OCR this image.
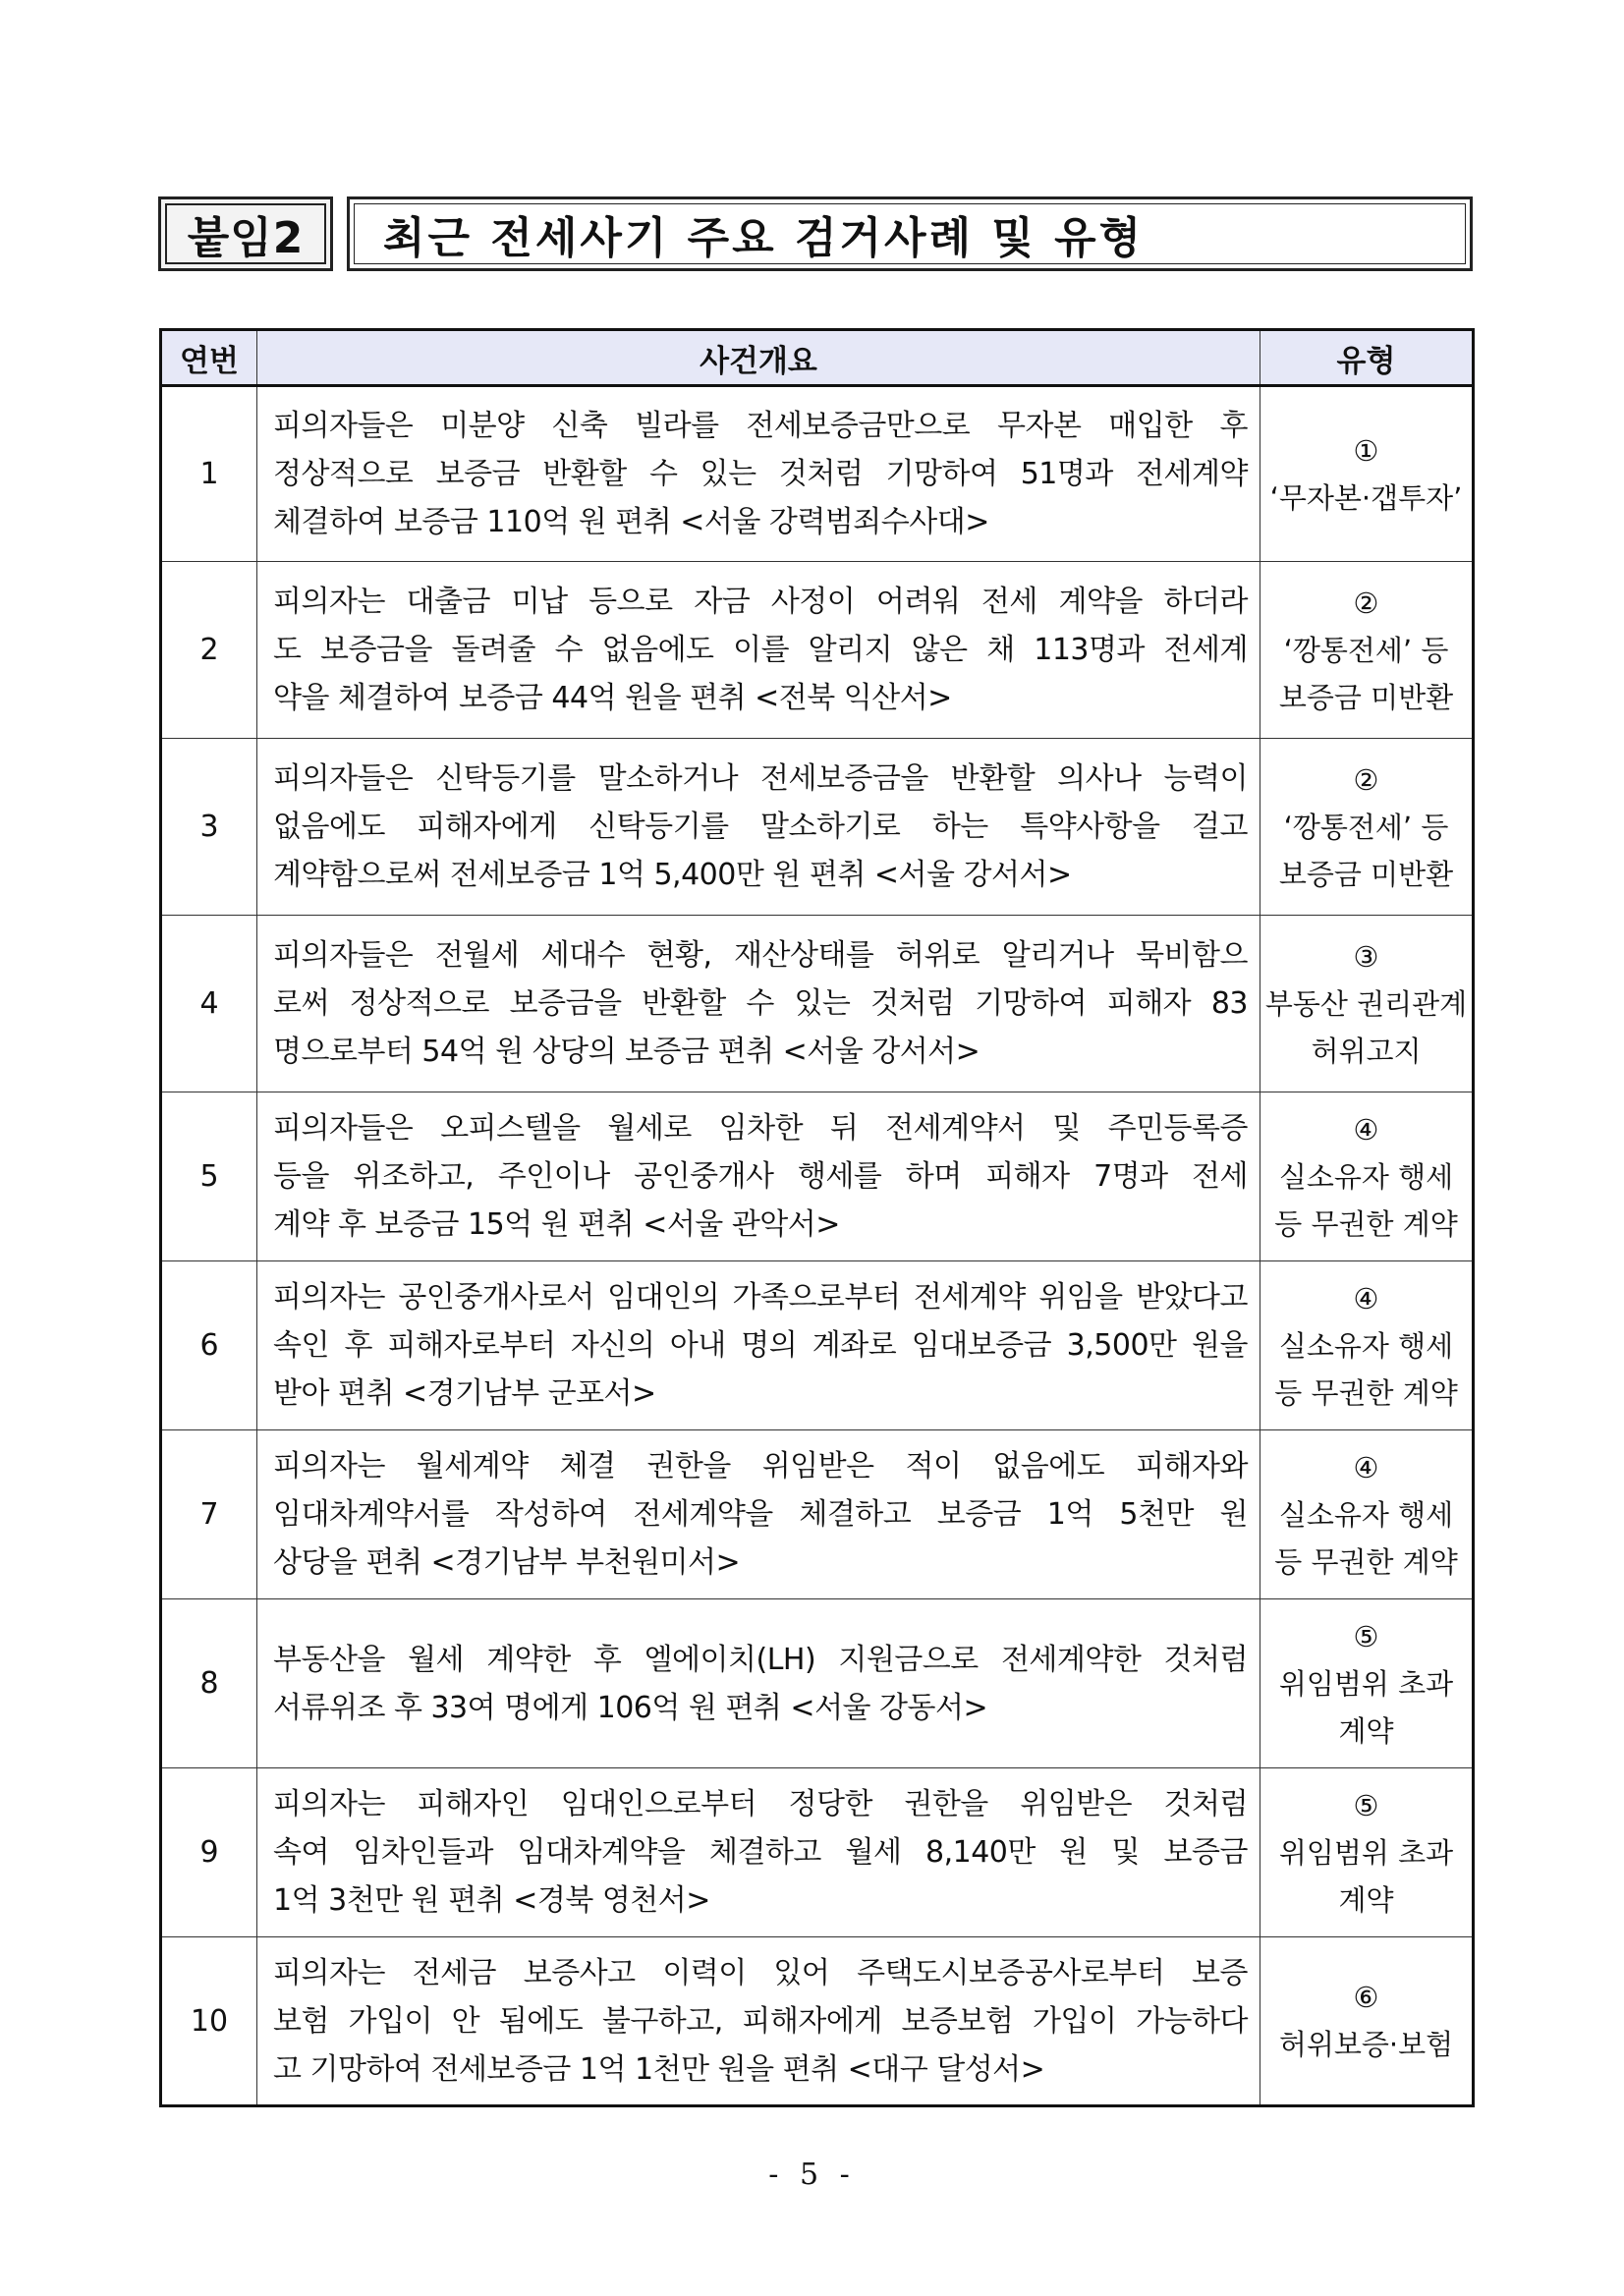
붙임2	최근 전세사기 주요 검거사례 및 유형
연번	사건개요	유형
1	피의자들은 미분양 신축 빌라를 전세보증금만으로 무자본 매입한 후
정상적으로 보증금 반환할 수 있는 것처럼 기망하여 51명과 전세계약
체결하여 보증금 110억 원 편취 <서울 강력범죄수사대>	①
‘무자본·갭투자’

2	피의자는 대출금 미납 등으로 자금 사정이 어려워 전세 계약을 하더라
도 보증금을 돌려줄 수 없음에도 이를 알리지 않은 채 113명과 전세계
약을 체결하여 보증금 44억 원을 편취 <전북 익산서>	②
‘깡통전세’ 등
보증금 미반환

3	피의자들은 신탁등기를 말소하거나 전세보증금을 반환할 의사나 능력이
없음에도 피해자에게 신탁등기를 말소하기로 하는 특약사항을 걸고
계약함으로써 전세보증금 1억 5,400만 원 편취 <서울 강서서>	②
‘깡통전세’ 등
보증금 미반환

4	피의자들은 전월세 세대수 현황, 재산상태를 허위로 알리거나 묵비함으
로써 정상적으로 보증금을 반환할 수 있는 것처럼 기망하여 피해자 83
명으로부터 54억 원 상당의 보증금 편취 <서울 강서서>	③
부동산 권리관계
허위고지

5	피의자들은 오피스텔을 월세로 임차한 뒤 전세계약서 및 주민등록증
등을 위조하고, 주인이나 공인중개사 행세를 하며 피해자 7명과 전세
계약 후 보증금 15억 원 편취 <서울 관악서>	④
실소유자 행세
등 무권한 계약

6	피의자는 공인중개사로서 임대인의 가족으로부터 전세계약 위임을 받았다고
속인 후 피해자로부터 자신의 아내 명의 계좌로 임대보증금 3,500만 원을
받아 편취 <경기남부 군포서>	④
실소유자 행세
등 무권한 계약

7	피의자는 월세계약 체결 권한을 위임받은 적이 없음에도 피해자와
임대차계약서를 작성하여 전세계약을 체결하고 보증금 1억 5천만 원
상당을 편취 <경기남부 부천원미서>	④
실소유자 행세
등 무권한 계약

8	부동산을 월세 계약한 후 엘에이치(LH) 지원금으로 전세계약한 것처럼
서류위조 후 33여 명에게 106억 원 편취 <서울 강동서>	⑤
위임범위 초과
계약

9	피의자는 피해자인 임대인으로부터 정당한 권한을 위임받은 것처럼
속여 임차인들과 임대차계약을 체결하고 월세 8,140만 원 및 보증금
1억 3천만 원 편취 <경북 영천서>	⑤
위임범위 초과
계약

10	피의자는 전세금 보증사고 이력이 있어 주택도시보증공사로부터 보증
보험 가입이 안 됨에도 불구하고, 피해자에게 보증보험 가입이 가능하다
고 기망하여 전세보증금 1억 1천만 원을 편취 <대구 달성서>	⑥
허위보증·보험
- 5 -
